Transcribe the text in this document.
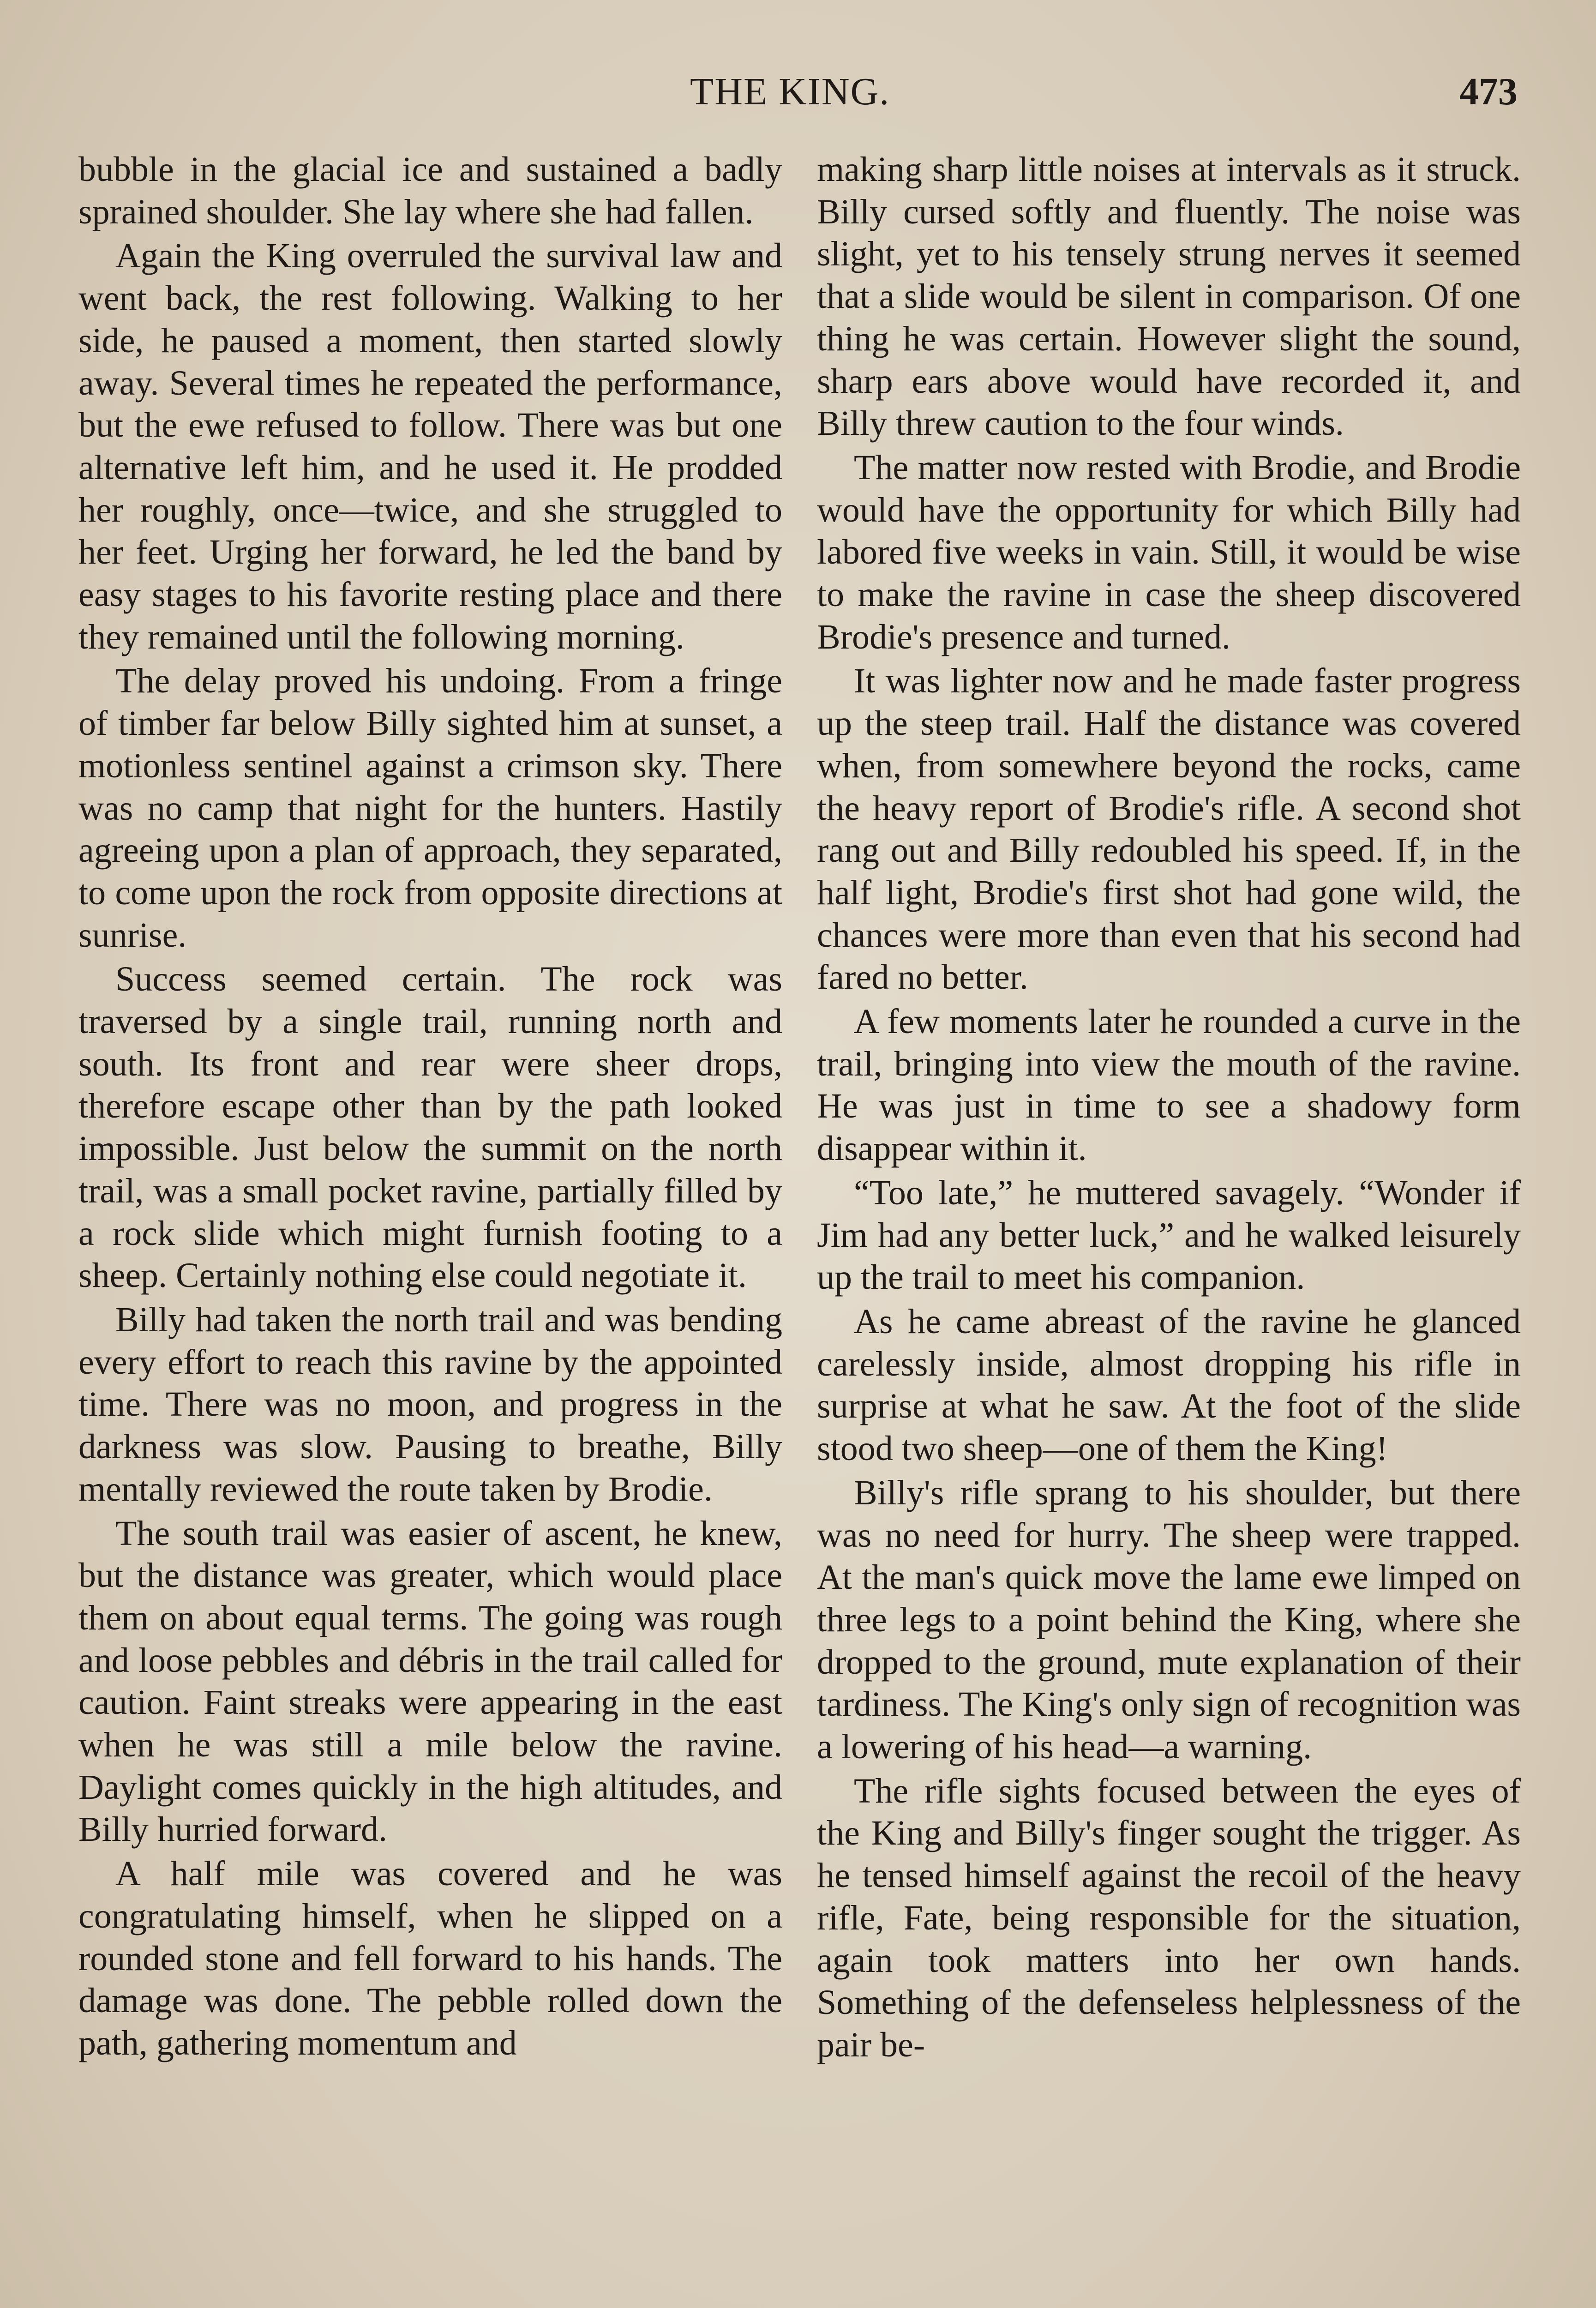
THE KING.	473

bubble in the glacial ice and sustained a badly sprained shoulder. She lay where she had fallen.

Again the King overruled the survival law and went back, the rest following. Walking to her side, he paused a moment, then started slowly away. Several times he repeated the performance, but the ewe refused to follow. There was but one alternative left him, and he used it. He prodded her roughly, once—twice, and she struggled to her feet. Urging her forward, he led the band by easy stages to his favorite resting place and there they remained until the following morning.

The delay proved his undoing. From a fringe of timber far below Billy sighted him at sunset, a motionless sentinel against a crimson sky. There was no camp that night for the hunters. Hastily agreeing upon a plan of approach, they separated, to come upon the rock from opposite directions at sunrise.

Success seemed certain. The rock was traversed by a single trail, running north and south. Its front and rear were sheer drops, therefore escape other than by the path looked impossible. Just below the summit on the north trail, was a small pocket ravine, partially filled by a rock slide which might furnish footing to a sheep. Certainly nothing else could negotiate it.

Billy had taken the north trail and was bending every effort to reach this ravine by the appointed time. There was no moon, and progress in the darkness was slow. Pausing to breathe, Billy mentally reviewed the route taken by Brodie.

The south trail was easier of ascent, he knew, but the distance was greater, which would place them on about equal terms. The going was rough and loose pebbles and débris in the trail called for caution. Faint streaks were appearing in the east when he was still a mile below the ravine. Daylight comes quickly in the high altitudes, and Billy hurried forward.

A half mile was covered and he was congratulating himself, when he slipped on a rounded stone and fell forward to his hands. The damage was done. The pebble rolled down the path, gathering momentum and

making sharp little noises at intervals as it struck. Billy cursed softly and fluently. The noise was slight, yet to his tensely strung nerves it seemed that a slide would be silent in comparison. Of one thing he was certain. However slight the sound, sharp ears above would have recorded it, and Billy threw caution to the four winds.

The matter now rested with Brodie, and Brodie would have the opportunity for which Billy had labored five weeks in vain. Still, it would be wise to make the ravine in case the sheep discovered Brodie's presence and turned.

It was lighter now and he made faster progress up the steep trail. Half the distance was covered when, from somewhere beyond the rocks, came the heavy report of Brodie's rifle. A second shot rang out and Billy redoubled his speed. If, in the half light, Brodie's first shot had gone wild, the chances were more than even that his second had fared no better.

A few moments later he rounded a curve in the trail, bringing into view the mouth of the ravine. He was just in time to see a shadowy form disappear within it.

“Too late,” he muttered savagely. “Wonder if Jim had any better luck,” and he walked leisurely up the trail to meet his companion.

As he came abreast of the ravine he glanced carelessly inside, almost dropping his rifle in surprise at what he saw. At the foot of the slide stood two sheep—one of them the King!

Billy's rifle sprang to his shoulder, but there was no need for hurry. The sheep were trapped. At the man's quick move the lame ewe limped on three legs to a point behind the King, where she dropped to the ground, mute explanation of their tardiness. The King's only sign of recognition was a lowering of his head—a warning.

The rifle sights focused between the eyes of the King and Billy's finger sought the trigger. As he tensed himself against the recoil of the heavy rifle, Fate, being responsible for the situation, again took matters into her own hands. Something of the defenseless helplessness of the pair be-
